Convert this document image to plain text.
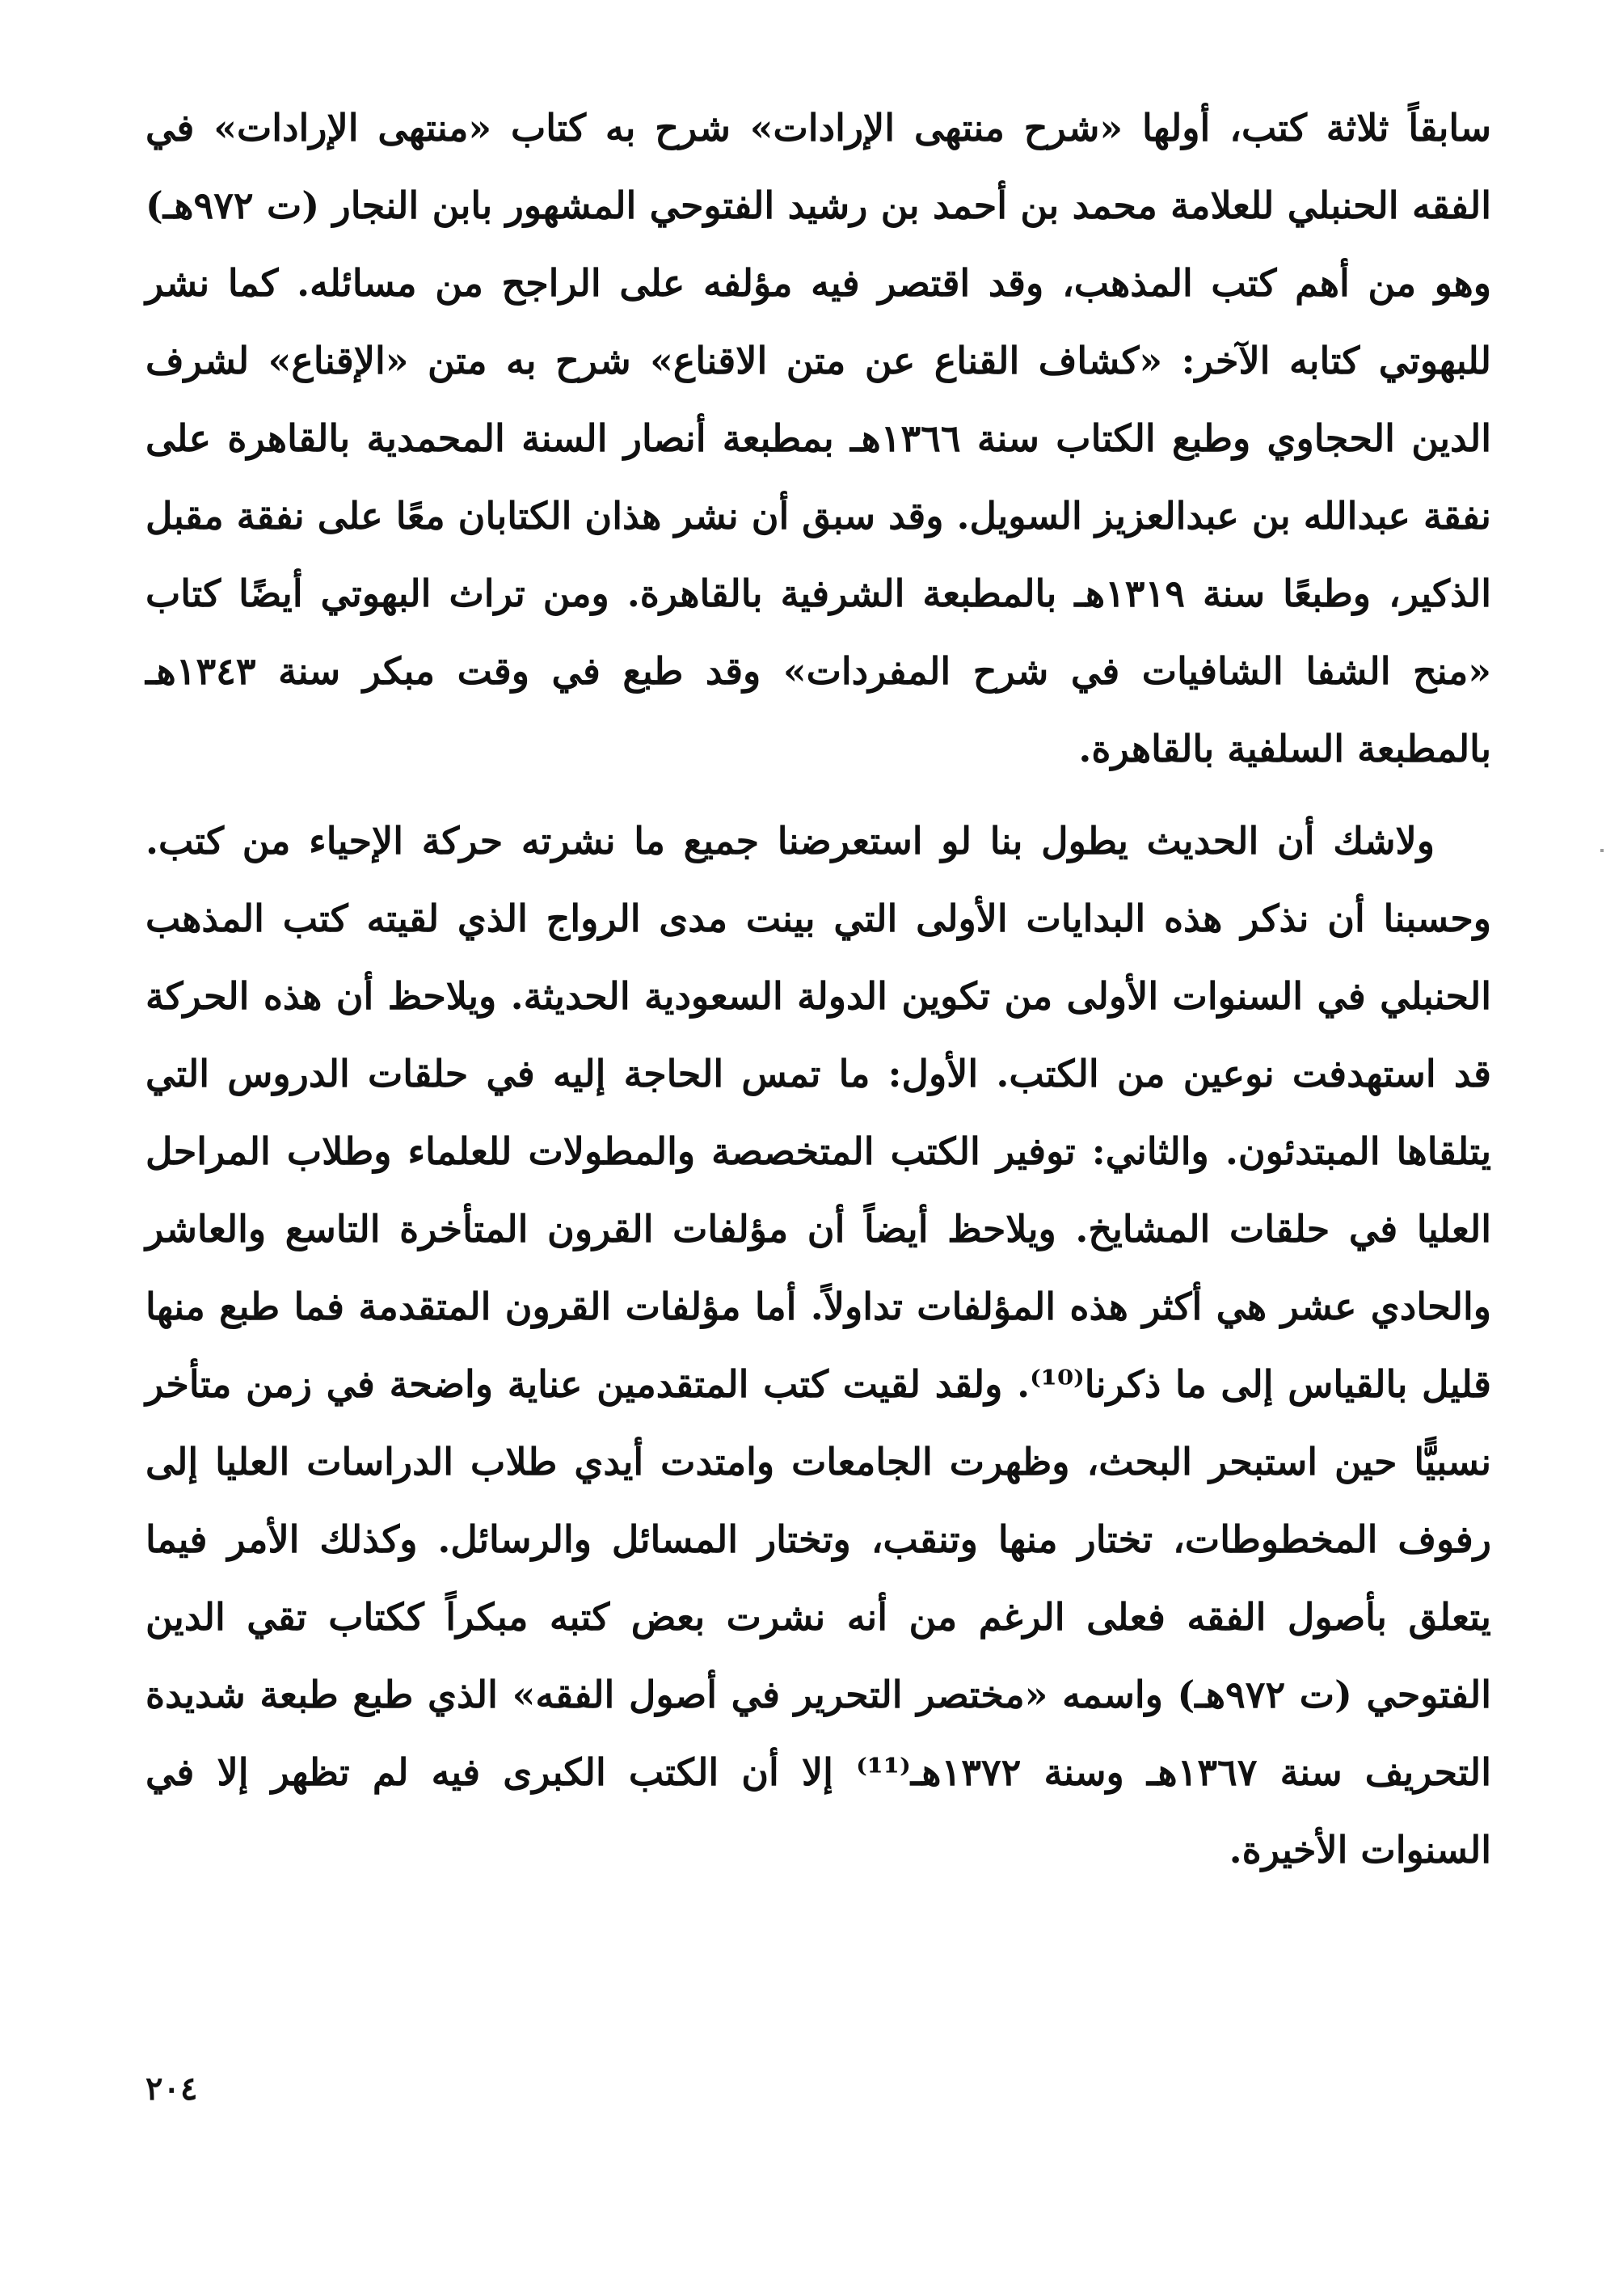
سابقاً ثلاثة كتب، أولها «شرح منتهى الإرادات» شرح به كتاب «منتهى الإرادات» في الفقه الحنبلي للعلامة محمد بن أحمد بن رشيد الفتوحي المشهور بابن النجار (ت ٩٧٢هـ) وهو من أهم كتب المذهب، وقد اقتصر فيه مؤلفه على الراجح من مسائله. كما نشر للبهوتي كتابه الآخر: «كشاف القناع عن متن الاقناع» شرح به متن «الإقناع» لشرف الدين الحجاوي وطبع الكتاب سنة ١٣٦٦هـ بمطبعة أنصار السنة المحمدية بالقاهرة على نفقة عبدالله بن عبدالعزيز السويل. وقد سبق أن نشر هذان الكتابان معًا على نفقة مقبل الذكير، وطبعًا سنة ١٣١٩هـ بالمطبعة الشرفية بالقاهرة. ومن تراث البهوتي أيضًا كتاب «منح الشفا الشافيات في شرح المفردات» وقد طبع في وقت مبكر سنة ١٣٤٣هـ بالمطبعة السلفية بالقاهرة.

ولاشك أن الحديث يطول بنا لو استعرضنا جميع ما نشرته حركة الإحياء من كتب. وحسبنا أن نذكر هذه البدايات الأولى التي بينت مدى الرواج الذي لقيته كتب المذهب الحنبلي في السنوات الأولى من تكوين الدولة السعودية الحديثة. ويلاحظ أن هذه الحركة قد استهدفت نوعين من الكتب. الأول: ما تمس الحاجة إليه في حلقات الدروس التي يتلقاها المبتدئون. والثاني: توفير الكتب المتخصصة والمطولات للعلماء وطلاب المراحل العليا في حلقات المشايخ. ويلاحظ أيضاً أن مؤلفات القرون المتأخرة التاسع والعاشر والحادي عشر هي أكثر هذه المؤلفات تداولاً. أما مؤلفات القرون المتقدمة فما طبع منها قليل بالقياس إلى ما ذكرنا⁽¹⁰⁾. ولقد لقيت كتب المتقدمين عناية واضحة في زمن متأخر نسبيًّا حين استبحر البحث، وظهرت الجامعات وامتدت أيدي طلاب الدراسات العليا إلى رفوف المخطوطات، تختار منها وتنقب، وتختار المسائل والرسائل. وكذلك الأمر فيما يتعلق بأصول الفقه فعلى الرغم من أنه نشرت بعض كتبه مبكراً ككتاب تقي الدين الفتوحي (ت ٩٧٢هـ) واسمه «مختصر التحرير في أصول الفقه» الذي طبع طبعة شديدة التحريف سنة ١٣٦٧هـ وسنة ١٣٧٢هـ⁽¹¹⁾ إلا أن الكتب الكبرى فيه لم تظهر إلا في السنوات الأخيرة.

٢٠٤
